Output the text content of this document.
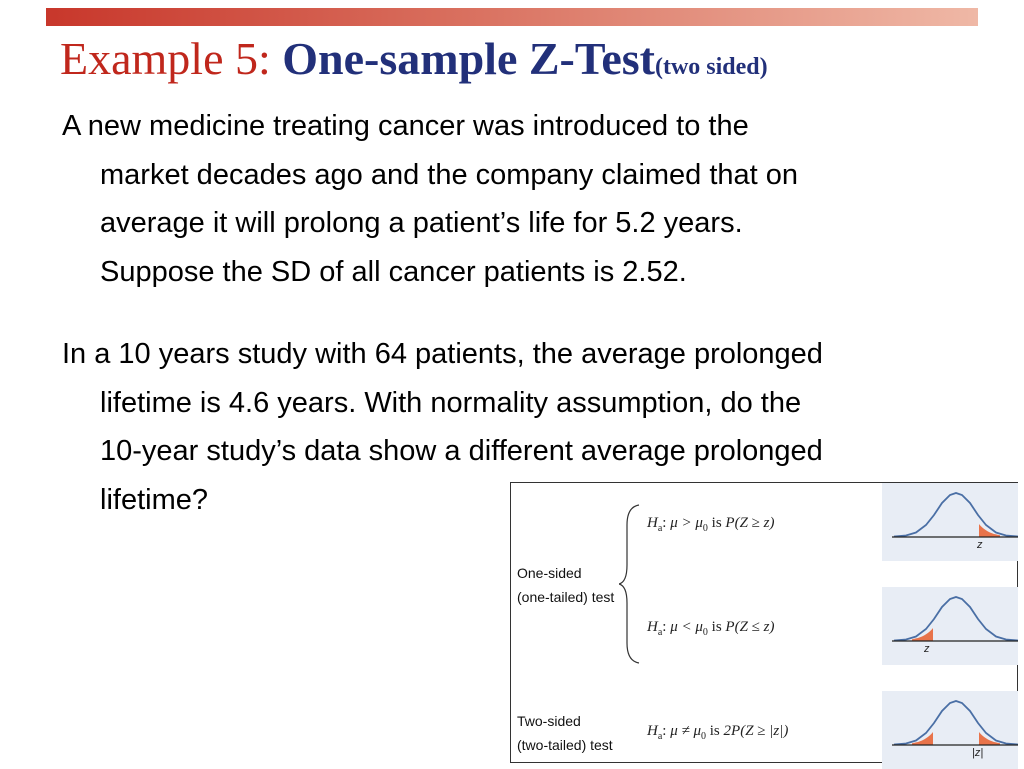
Example 5: One-sample Z-Test(two sided)
A new medicine treating cancer was introduced to the
market decades ago and the company claimed that on
average it will prolong a patient’s life for 5.2 years.
Suppose the SD of all cancer patients is 2.52.
In a 10 years study with 64 patients, the average prolonged
lifetime is 4.6 years. With normality assumption, do the
10-year study’s data show a different average prolonged
lifetime?
One-sided
(one-tailed) test
$H_a$: $\mu > \mu_0$ is P(Z ≥ z)
$H_a$: $\mu < \mu_0$ is P(Z ≤ z)
Two-sided
(two-tailed) test
$H_a$: $\mu \ne \mu_0$ is 2P(Z ≥ |z|)
z
z
|z|
